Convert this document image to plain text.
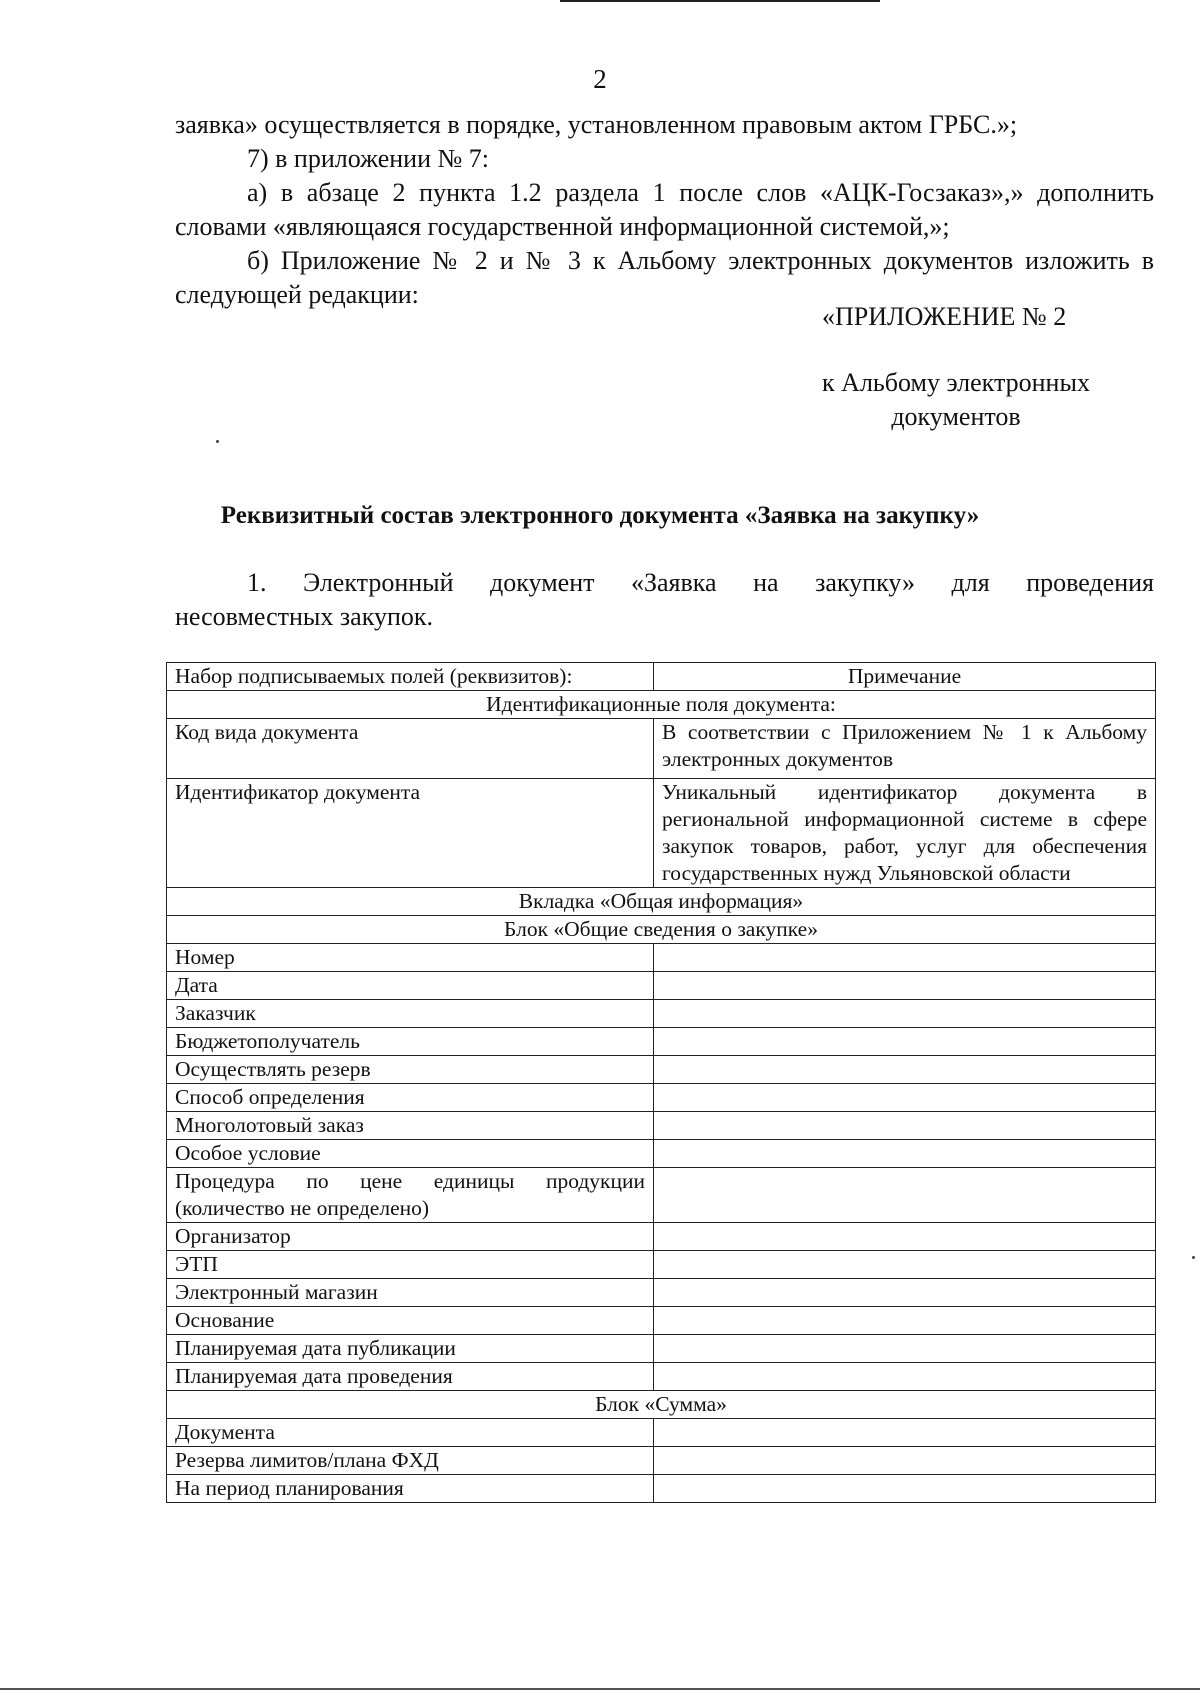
2

заявка» осуществляется в порядке, установленном правовым актом ГРБС.»;

7) в приложении № 7:

а) в абзаце 2 пункта 1.2 раздела 1 после слов «АЦК-Госзаказ»,» дополнить словами «являющаяся государственной информационной системой,»;

б) Приложение № 2 и № 3 к Альбому электронных документов изложить в следующей редакции:

«ПРИЛОЖЕНИЕ № 2
к Альбому электронных
документов
Реквизитный состав электронного документа «Заявка на закупку»
1. Электронный документ «Заявка на закупку» для проведения
несовместных закупок.
Набор подписываемых полей (реквизитов):	Примечание
Идентификационные поля документа:	
Код вида документа	В соответствии с Приложением № 1 к Альбому электронных документов
Идентификатор документа	Уникальный идентификатор документа в региональной информационной системе в сфере закупок товаров, работ, услуг для обеспечения государственных нужд Ульяновской области
Вкладка «Общая информация»	
Блок «Общие сведения о закупке»	
Номер	
Дата	
Заказчик	
Бюджетополучатель	
Осуществлять резерв	
Способ определения	
Многолотовый заказ	
Особое условие	
Процедура по цене единицы продукции (количество не определено)	
Организатор	
ЭТП	
Электронный магазин	
Основание	
Планируемая дата публикации	
Планируемая дата проведения	
Блок «Сумма»	
Документа	
Резерва лимитов/плана ФХД	
На период планирования	
